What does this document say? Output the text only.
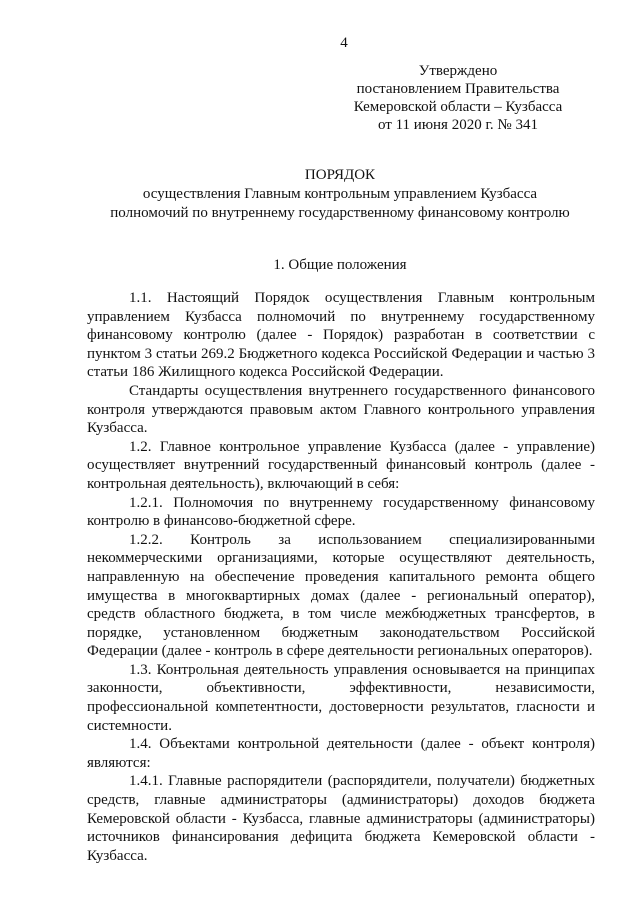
4
Утверждено
постановлением Правительства
Кемеровской области – Кузбасса
от 11 июня 2020 г. № 341
ПОРЯДОК
осуществления Главным контрольным управлением Кузбасса
полномочий по внутреннему государственному финансовому контролю
1. Общие положения

1.1. Настоящий Порядок осуществления Главным контрольным управлением Кузбасса полномочий по внутреннему государственному финансовому контролю (далее - Порядок) разработан в соответствии с пунктом 3 статьи 269.2 Бюджетного кодекса Российской Федерации и частью 3 статьи 186 Жилищного кодекса Российской Федерации.

Стандарты осуществления внутреннего государственного финансового контроля утверждаются правовым актом Главного контрольного управления Кузбасса.

1.2. Главное контрольное управление Кузбасса (далее - управление) осуществляет внутренний государственный финансовый контроль (далее - контрольная деятельность), включающий в себя:

1.2.1. Полномочия по внутреннему государственному финансовому контролю в финансово-бюджетной сфере.

1.2.2. Контроль за использованием специализированными некоммерческими организациями, которые осуществляют деятельность, направленную на обеспечение проведения капитального ремонта общего имущества в многоквартирных домах (далее - региональный оператор), средств областного бюджета, в том числе межбюджетных трансфертов, в порядке, установленном бюджетным законодательством Российской Федерации (далее - контроль в сфере деятельности региональных операторов).

1.3. Контрольная деятельность управления основывается на принципах законности, объективности, эффективности, независимости, профессиональной компетентности, достоверности результатов, гласности и системности.

1.4. Объектами контрольной деятельности (далее - объект контроля) являются:

1.4.1. Главные распорядители (распорядители, получатели) бюджетных средств, главные администраторы (администраторы) доходов бюджета Кемеровской области - Кузбасса, главные администраторы (администраторы) источников финансирования дефицита бюджета Кемеровской области - Кузбасса.
